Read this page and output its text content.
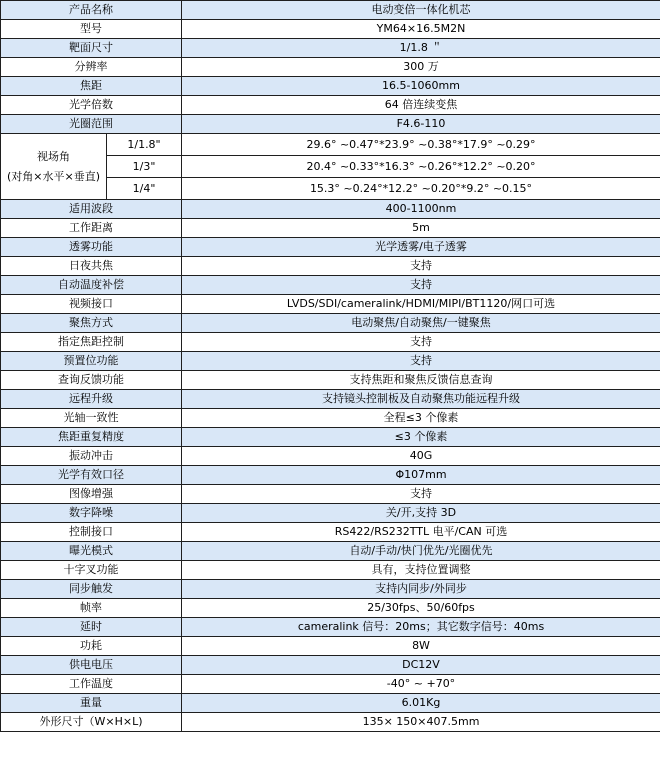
产品名称		电动变倍一体化机芯
型号		YM64×16.5M2N
靶面尺寸		1/1.8 ＂
分辨率		300 万
焦距		16.5-1060mm
光学倍数		64 倍连续变焦
光圈范围		F4.6-110

视场角
(对角×水平×垂直)	1/1.8"	29.6° ~0.47°*23.9° ~0.38°*17.9° ~0.29°
	1/3"	20.4° ~0.33°*16.3° ~0.26°*12.2° ~0.20°
	1/4"	15.3° ~0.24°*12.2° ~0.20°*9.2° ~0.15°
适用波段		400-1100nm
工作距离		5m
透雾功能		光学透雾/电子透雾
日夜共焦		支持
自动温度补偿		支持
视频接口		LVDS/SDI/cameralink/HDMI/MIPI/BT1120/网口可选
聚焦方式		电动聚焦/自动聚焦/一键聚焦
指定焦距控制		支持
预置位功能		支持
查询反馈功能		支持焦距和聚焦反馈信息查询
远程升级		支持镜头控制板及自动聚焦功能远程升级
光轴一致性		全程≤3 个像素
焦距重复精度		≤3 个像素
振动冲击		40G
光学有效口径		Φ107mm
图像增强		支持
数字降噪		关/开,支持 3D
控制接口		RS422/RS232TTL 电平/CAN 可选
曝光模式		自动/手动/快门优先/光圈优先
十字叉功能		具有，支持位置调整
同步触发		支持内同步/外同步
帧率		25/30fps、50/60fps
延时		cameralink 信号：20ms；其它数字信号：40ms
功耗		8W
供电电压		DC12V
工作温度		-40° ~ +70°
重量		6.01Kg
外形尺寸（W×H×L)		135× 150×407.5mm
